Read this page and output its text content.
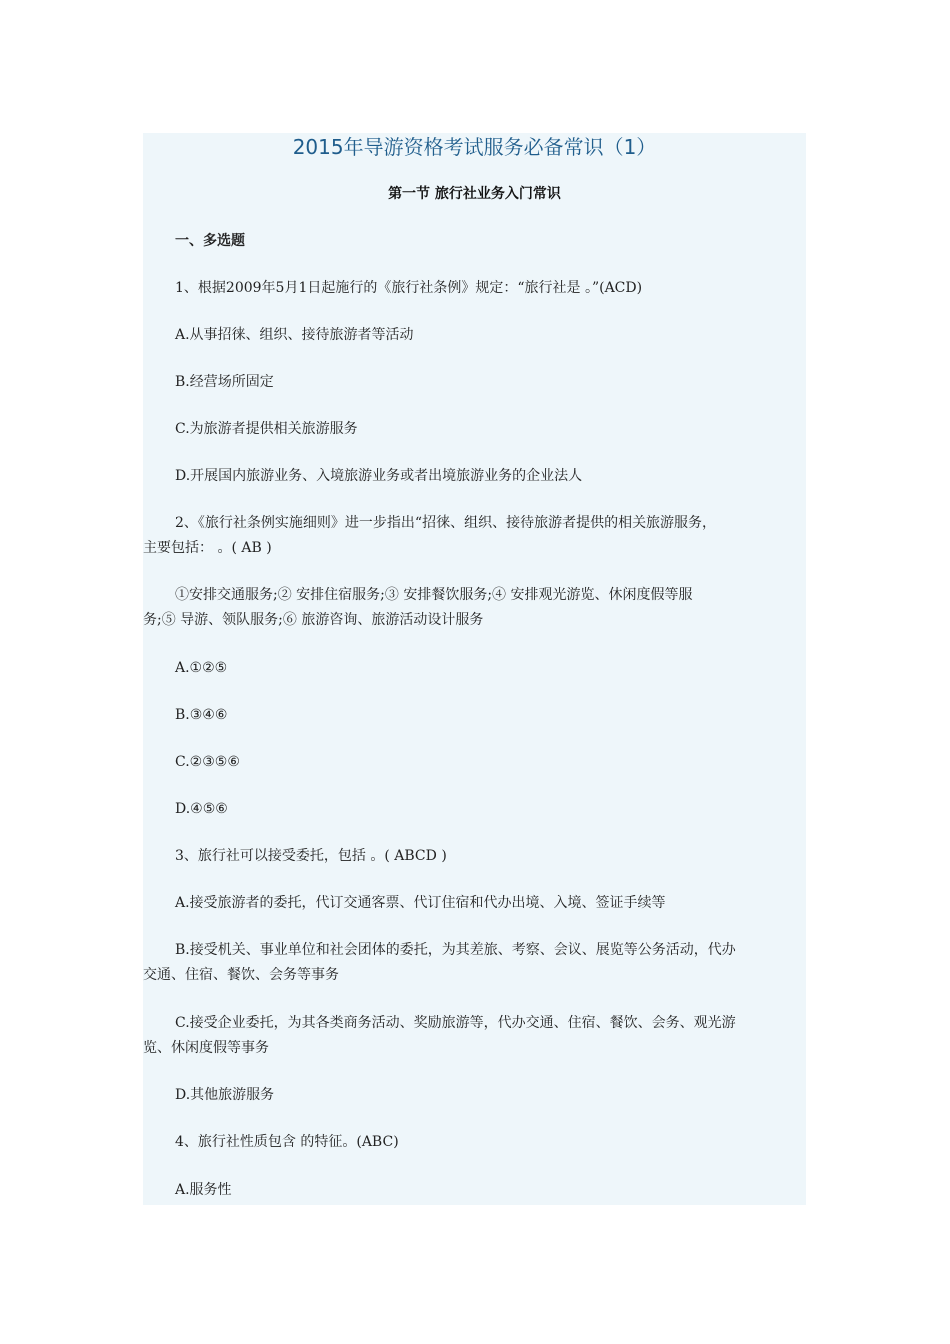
2015年导游资格考试服务必备常识（1）
第一节 旅行社业务入门常识
一、多选题
1、根据2009年5月1日起施行的《旅行社条例》规定：“旅行社是 。”(ACD)
A.从事招徕、组织、接待旅游者等活动
B.经营场所固定
C.为旅游者提供相关旅游服务
D.开展国内旅游业务、入境旅游业务或者出境旅游业务的企业法人
2、《旅行社条例实施细则》进一步指出“招徕、组织、接待旅游者提供的相关旅游服务，
主要包括： 。( AB )
①安排交通服务;② 安排住宿服务;③ 安排餐饮服务;④ 安排观光游览、休闲度假等服
务;⑤ 导游、领队服务;⑥ 旅游咨询、旅游活动设计服务
A.①②⑤
B.③④⑥
C.②③⑤⑥
D.④⑤⑥
3、旅行社可以接受委托，包括 。( ABCD )
A.接受旅游者的委托，代订交通客票、代订住宿和代办出境、入境、签证手续等
B.接受机关、事业单位和社会团体的委托，为其差旅、考察、会议、展览等公务活动，代办
交通、住宿、餐饮、会务等事务
C.接受企业委托，为其各类商务活动、奖励旅游等，代办交通、住宿、餐饮、会务、观光游
览、休闲度假等事务
D.其他旅游服务
4、旅行社性质包含 的特征。(ABC)
A.服务性
